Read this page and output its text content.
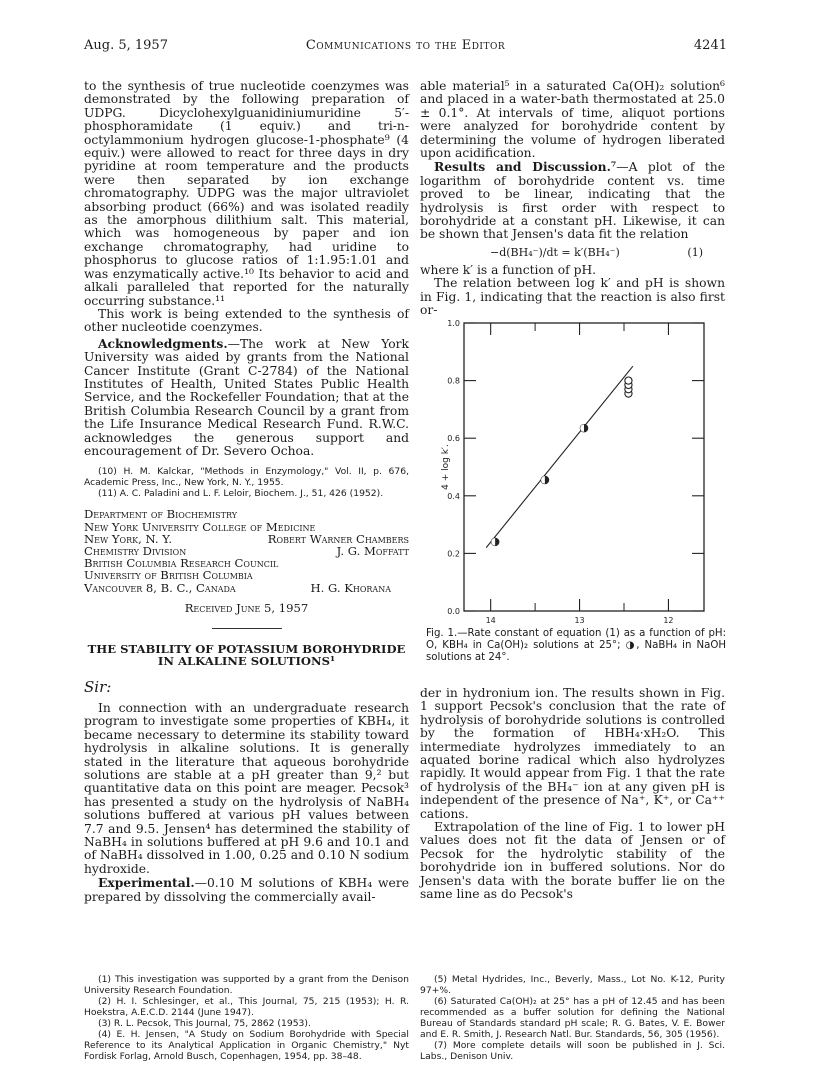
Aug. 5, 1957	Communications to the Editor	4241

to the synthesis of true nucleotide coenzymes was demonstrated by the following preparation of UDPG. Dicyclohexylguanidiniumuridine 5′-phosphoramidate (1 equiv.) and tri-n-octylammonium hydrogen glucose-1-phosphate⁹ (4 equiv.) were allowed to react for three days in dry pyridine at room temperature and the products were then separated by ion exchange chromatography. UDPG was the major ultraviolet absorbing product (66%) and was isolated readily as the amorphous dilithium salt. This material, which was homogeneous by paper and ion exchange chromatography, had uridine to phosphorus to glucose ratios of 1:1.95:1.01 and was enzymatically active.¹⁰ Its behavior to acid and alkali paralleled that reported for the naturally occurring substance.¹¹

This work is being extended to the synthesis of other nucleotide coenzymes.

Acknowledgments.—The work at New York University was aided by grants from the National Cancer Institute (Grant C-2784) of the National Institutes of Health, United States Public Health Service, and the Rockefeller Foundation; that at the British Columbia Research Council by a grant from the Life Insurance Medical Research Fund. R.W.C. acknowledges the generous support and encouragement of Dr. Severo Ochoa.

(10) H. M. Kalckar, "Methods in Enzymology," Vol. II, p. 676, Academic Press, Inc., New York, N. Y., 1955.

(11) A. C. Paladini and L. F. Leloir, Biochem. J., 51, 426 (1952).

Department of Biochemistry
New York University College of Medicine
New York, N. Y.	Robert Warner Chambers
Chemistry Division	J. G. Moffatt
British Columbia Research Council
University of British Columbia
Vancouver 8, B. C., Canada	H. G. Khorana
Received June 5, 1957
THE STABILITY OF POTASSIUM BOROHYDRIDE IN ALKALINE SOLUTIONS¹
Sir:

In connection with an undergraduate research program to investigate some properties of KBH₄, it became necessary to determine its stability toward hydrolysis in alkaline solutions. It is generally stated in the literature that aqueous borohydride solutions are stable at a pH greater than 9,² but quantitative data on this point are meager. Pecsok³ has presented a study on the hydrolysis of NaBH₄ solutions buffered at various pH values between 7.7 and 9.5. Jensen⁴ has determined the stability of NaBH₄ in solutions buffered at pH 9.6 and 10.1 and of NaBH₄ dissolved in 1.00, 0.25 and 0.10 N sodium hydroxide.

Experimental.—0.10 M solutions of KBH₄ were prepared by dissolving the commercially avail-

(1) This investigation was supported by a grant from the Denison University Research Foundation.

(2) H. I. Schlesinger, et al., This Journal, 75, 215 (1953); H. R. Hoekstra, A.E.C.D. 2144 (June 1947).

(3) R. L. Pecsok, This Journal, 75, 2862 (1953).

(4) E. H. Jensen, "A Study on Sodium Borohydride with Special Reference to its Analytical Application in Organic Chemistry," Nyt Fordisk Forlag, Arnold Busch, Copenhagen, 1954, pp. 38–48.

able material⁵ in a saturated Ca(OH)₂ solution⁶ and placed in a water-bath thermostated at 25.0 ± 0.1°. At intervals of time, aliquot portions were analyzed for borohydride content by determining the volume of hydrogen liberated upon acidification.

Results and Discussion.⁷—A plot of the logarithm of borohydride content vs. time proved to be linear, indicating that the hydrolysis is first order with respect to borohydride at a constant pH. Likewise, it can be shown that Jensen's data fit the relation

−d(BH₄⁻)/dt = k′(BH₄⁻)	(1)

where k′ is a function of pH.

The relation between log k′ and pH is shown in Fig. 1, indicating that the reaction is also first or-

0.0
0.2
0.4
0.6
0.8
1.0
14	13	12
4 + log k′.
Fig. 1.—Rate constant of equation (1) as a function of pH: O, KBH₄ in Ca(OH)₂ solutions at 25°; ◑, NaBH₄ in NaOH solutions at 24°.

der in hydronium ion. The results shown in Fig. 1 support Pecsok's conclusion that the rate of hydrolysis of borohydride solutions is controlled by the formation of HBH₄·xH₂O. This intermediate hydrolyzes immediately to an aquated borine radical which also hydrolyzes rapidly. It would appear from Fig. 1 that the rate of hydrolysis of the BH₄⁻ ion at any given pH is independent of the presence of Na⁺, K⁺, or Ca⁺⁺ cations.

Extrapolation of the line of Fig. 1 to lower pH values does not fit the data of Jensen or of Pecsok for the hydrolytic stability of the borohydride ion in buffered solutions. Nor do Jensen's data with the borate buffer lie on the same line as do Pecsok's

(5) Metal Hydrides, Inc., Beverly, Mass., Lot No. K-12, Purity 97+%.

(6) Saturated Ca(OH)₂ at 25° has a pH of 12.45 and has been recommended as a buffer solution for defining the National Bureau of Standards standard pH scale; R. G. Bates, V. E. Bower and E. R. Smith, J. Research Natl. Bur. Standards, 56, 305 (1956).

(7) More complete details will soon be published in J. Sci. Labs., Denison Univ.
